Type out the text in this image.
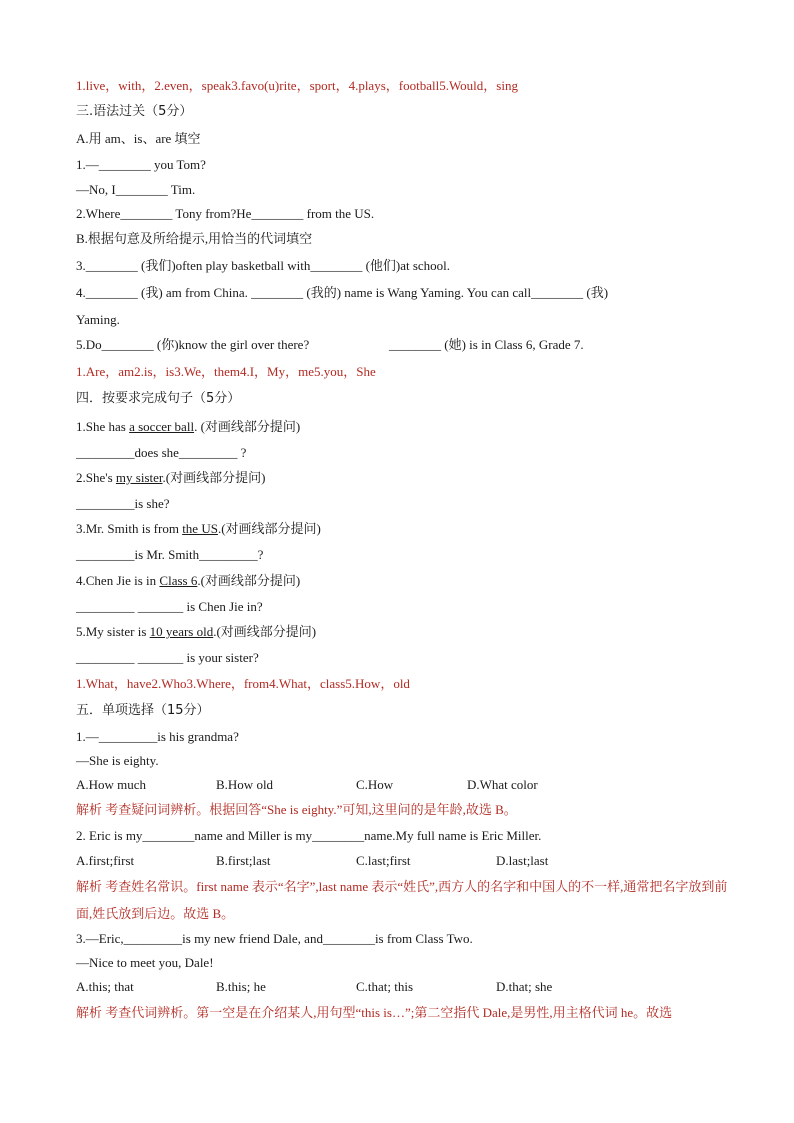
1.live，with，2.even，speak3.favo(u)rite，sport，4.plays，football5.Would，sing
三.语法过关（5分）
A.用 am、is、are 填空
1.—________ you Tom?
—No, I________ Tim.
2.Where________ Tony from?He________ from the US.
B.根据句意及所给提示,用恰当的代词填空
3.________ (我们)often play basketball with________ (他们)at school.
4.________ (我) am from China. ________ (我的) name is Wang Yaming. You can call________ (我)
Yaming.
5.Do________ (你)know the girl over there?	________ (她) is in Class 6, Grade 7.
1.Are，am2.is，is3.We，them4.I，My，me5.you，She
四．按要求完成句子（5分）
1.She has a soccer ball. (对画线部分提问)
_________does she_________ ?
2.She's my sister.(对画线部分提问)
_________is she?
3.Mr. Smith is from the US.(对画线部分提问)
_________is Mr. Smith_________?
4.Chen Jie is in Class 6.(对画线部分提问)
_________ _______ is Chen Jie in?
5.My sister is 10 years old.(对画线部分提问)
_________ _______ is your sister?
1.What，have2.Who3.Where，from4.What，class5.How，old
五．单项选择（15分）
1.—_________is his grandma?
—She is eighty.
A.How much	B.How old	C.How	D.What color
解析 考查疑问词辨析。根据回答“She is eighty.”可知,这里问的是年龄,故选 B。
2. Eric is my________name and Miller is my________name.My full name is Eric Miller.
A.first;first	B.first;last	C.last;first	D.last;last
解析 考查姓名常识。first name 表示“名字”,last name 表示“姓氏”,西方人的名字和中国人的不一样,通常把名字放到前面,姓氏放到后边。故选 B。
3.—Eric,_________is my new friend Dale, and________is from Class Two.
—Nice to meet you, Dale!
A.this; that	B.this; he	C.that; this	D.that; she
解析 考查代词辨析。第一空是在介绍某人,用句型“this is…”;第二空指代 Dale,是男性,用主格代词 he。故选
